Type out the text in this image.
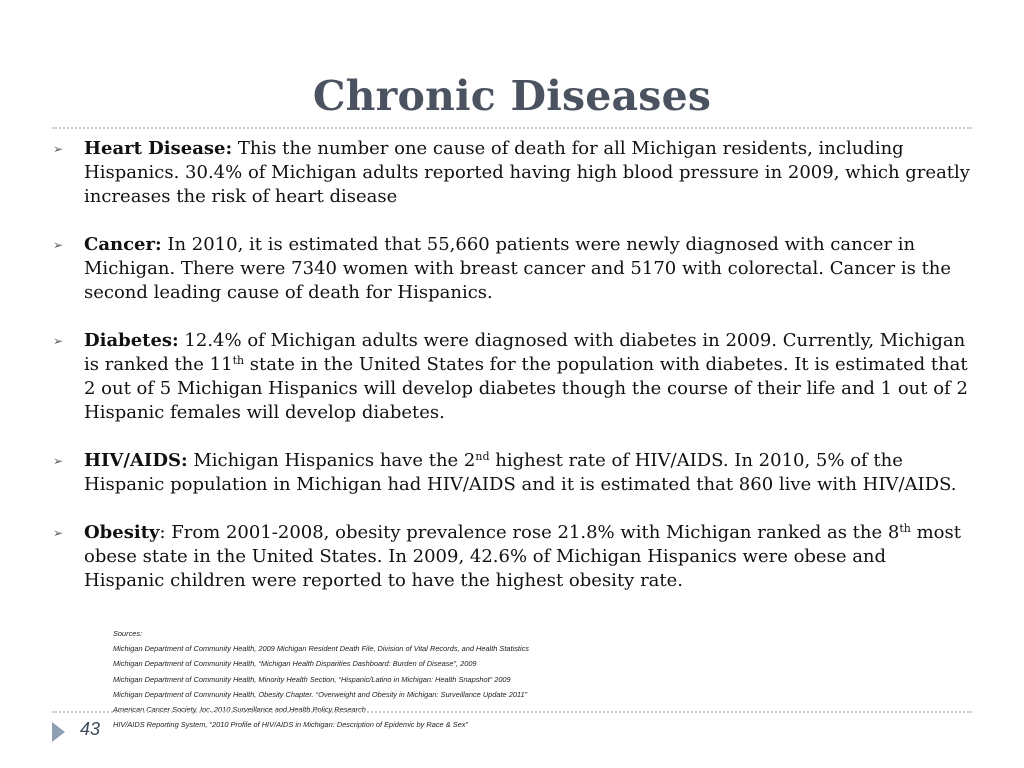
Chronic Diseases
➢ Heart Disease: This the number one cause of death for all Michigan residents, including Hispanics. 30.4% of Michigan adults reported having high blood pressure in 2009, which greatly increases the risk of heart disease
➢ Cancer: In 2010, it is estimated that 55,660 patients were newly diagnosed with cancer in Michigan. There were 7340 women with breast cancer and 5170 with colorectal. Cancer is the second leading cause of death for Hispanics.
➢ Diabetes: 12.4% of Michigan adults were diagnosed with diabetes in 2009. Currently, Michigan is ranked the 11th state in the United States for the population with diabetes. It is estimated that 2 out of 5 Michigan Hispanics will develop diabetes though the course of their life and 1 out of 2 Hispanic females will develop diabetes.
➢ HIV/AIDS: Michigan Hispanics have the 2nd highest rate of HIV/AIDS. In 2010, 5% of the Hispanic population in Michigan had HIV/AIDS and it is estimated that 860 live with HIV/AIDS.
➢ Obesity: From 2001-2008, obesity prevalence rose 21.8% with Michigan ranked as the 8th most obese state in the United States. In 2009, 42.6% of Michigan Hispanics were obese and Hispanic children were reported to have the highest obesity rate.
Sources:
Michigan Department of Community Health, 2009 Michigan Resident Death File, Division of Vital Records, and Health Statistics
Michigan Department of Community Health, “Michigan Health Disparities Dashboard: Burden of Disease”, 2009
Michigan Department of Community Health, Minority Health Section, “Hispanic/Latino in Michigan: Health Snapshot” 2009
Michigan Department of Community Health, Obesity Chapter. “Overweight and Obesity in Michigan: Surveillance Update 2011”
American Cancer Society, Inc. 2010 Surveillance and Health Policy Research
HIV/AIDS Reporting System, “2010 Profile of HIV/AIDS in Michigan: Description of Epidemic by Race & Sex”
43
